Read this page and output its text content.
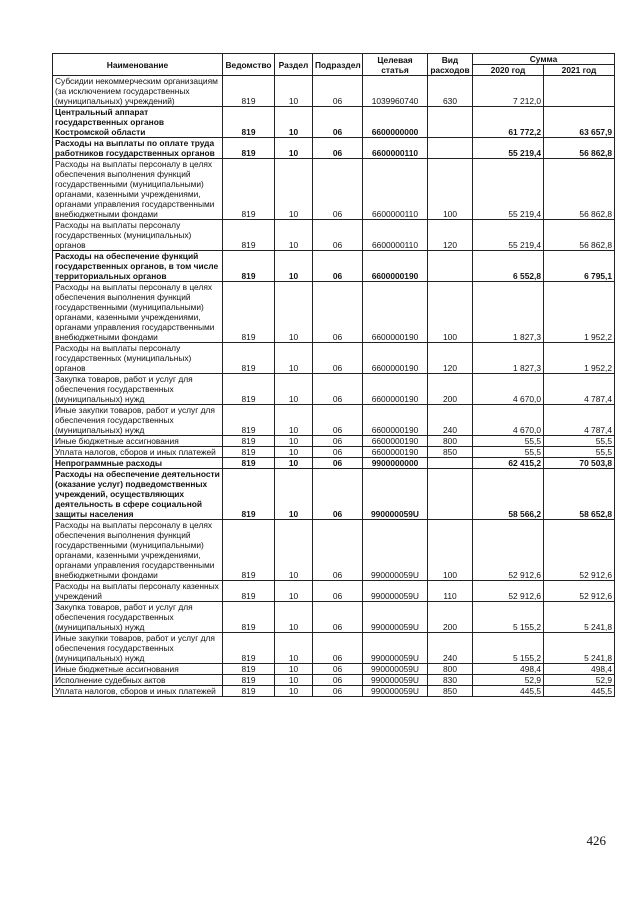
Наименование	Ведомство	Раздел	Подраздел	Целевая статья	Вид расходов	Сумма	
						2020 год	2021 год
Субсидии некоммерческим организациям (за исключением государственных (муниципальных) учреждений)	819	10	06	1039960740	630	7 212,0	
Центральный аппарат государственных органов Костромской области	819	10	06	6600000000		61 772,2	63 657,9
Расходы на выплаты по оплате труда работников государственных органов	819	10	06	6600000110		55 219,4	56 862,8
Расходы на выплаты персоналу в целях обеспечения выполнения функций государственными (муниципальными) органами, казенными учреждениями, органами управления государственными внебюджетными фондами	819	10	06	6600000110	100	55 219,4	56 862,8
Расходы на выплаты персоналу государственных (муниципальных) органов	819	10	06	6600000110	120	55 219,4	56 862,8
Расходы на обеспечение функций государственных органов, в том числе территориальных органов	819	10	06	6600000190		6 552,8	6 795,1
Расходы на выплаты персоналу в целях обеспечения выполнения функций государственными (муниципальными) органами, казенными учреждениями, органами управления государственными внебюджетными фондами	819	10	06	6600000190	100	1 827,3	1 952,2
Расходы на выплаты персоналу государственных (муниципальных) органов	819	10	06	6600000190	120	1 827,3	1 952,2
Закупка товаров, работ и услуг для обеспечения государственных (муниципальных) нужд	819	10	06	6600000190	200	4 670,0	4 787,4
Иные закупки товаров, работ и услуг для обеспечения государственных (муниципальных) нужд	819	10	06	6600000190	240	4 670,0	4 787,4
Иные бюджетные ассигнования	819	10	06	6600000190	800	55,5	55,5
Уплата налогов, сборов и иных платежей	819	10	06	6600000190	850	55,5	55,5
Непрограммные расходы	819	10	06	9900000000		62 415,2	70 503,8
Расходы на обеспечение деятельности (оказание услуг) подведомственных учреждений, осуществляющих деятельность в сфере социальной защиты населения	819	10	06	990000059U		58 566,2	58 652,8
Расходы на выплаты персоналу в целях обеспечения выполнения функций государственными (муниципальными) органами, казенными учреждениями, органами управления государственными внебюджетными фондами	819	10	06	990000059U	100	52 912,6	52 912,6
Расходы на выплаты персоналу казенных учреждений	819	10	06	990000059U	110	52 912,6	52 912,6
Закупка товаров, работ и услуг для обеспечения государственных (муниципальных) нужд	819	10	06	990000059U	200	5 155,2	5 241,8
Иные закупки товаров, работ и услуг для обеспечения государственных (муниципальных) нужд	819	10	06	990000059U	240	5 155,2	5 241,8
Иные бюджетные ассигнования	819	10	06	990000059U	800	498,4	498,4
Исполнение судебных актов	819	10	06	990000059U	830	52,9	52,9
Уплата налогов, сборов и иных платежей	819	10	06	990000059U	850	445,5	445,5
426
